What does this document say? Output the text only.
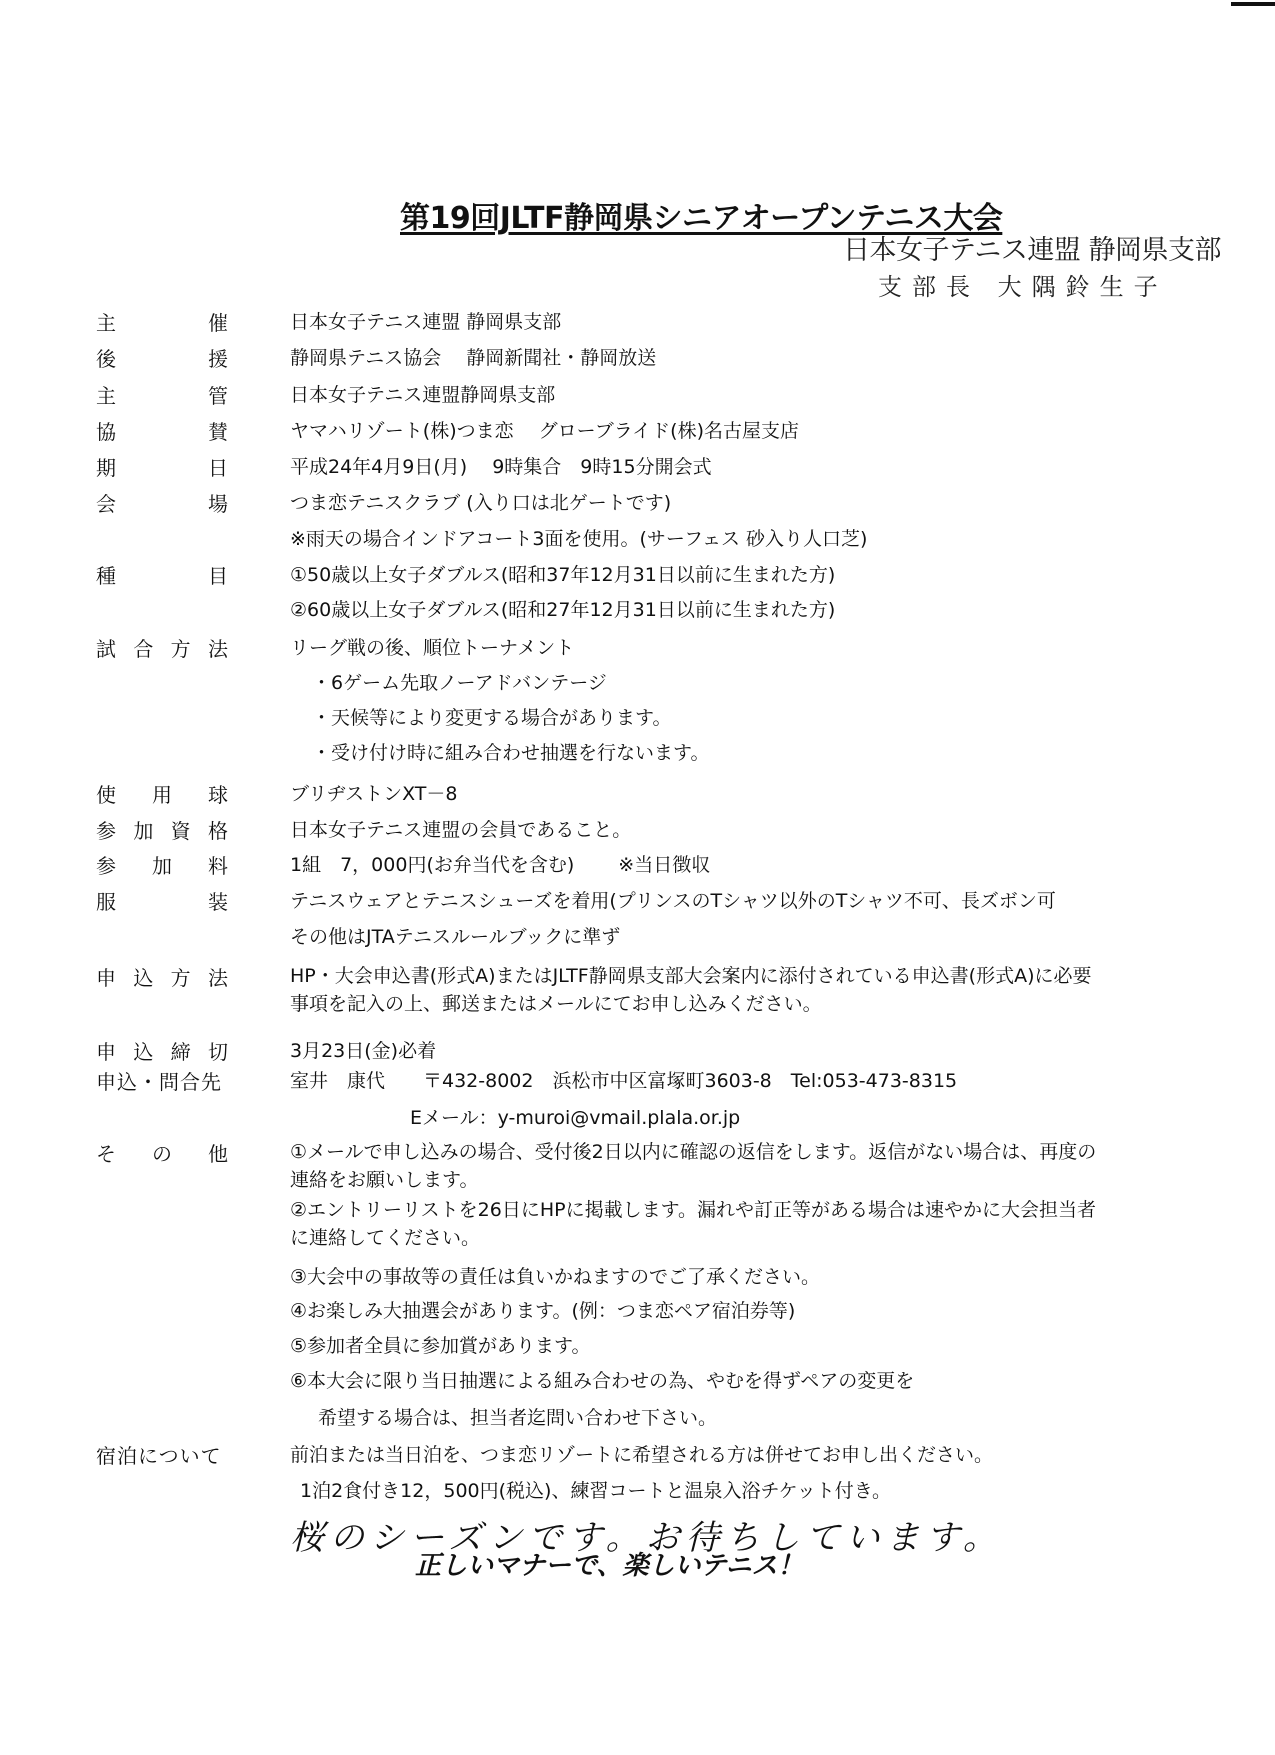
第19回JLTF静岡県シニアオープンテニス大会
日本女子テニス連盟 静岡県支部
支部長 大隅鈴生子
主	催	日本女子テニス連盟 静岡県支部
後	援	静岡県テニス協会　 静岡新聞社・静岡放送
主	管	日本女子テニス連盟静岡県支部
協	賛	ヤマハリゾート(株)つま恋　 グローブライド(株)名古屋支店
期	日	平成24年4月9日(月)　 9時集合　9時15分開会式
会	場	つま恋テニスクラブ (入り口は北ゲートです)
※雨天の場合インドアコート3面を使用。(サーフェス 砂入り人口芝)
種	目	①50歳以上女子ダブルス(昭和37年12月31日以前に生まれた方)
②60歳以上女子ダブルス(昭和27年12月31日以前に生まれた方)
試 合 方 法	リーグ戦の後、順位トーナメント
・6ゲーム先取ノーアドバンテージ
・天候等により変更する場合があります。
・受け付け時に組み合わせ抽選を行ないます。
使 用 球	ブリヂストンXT－8
参 加 資 格	日本女子テニス連盟の会員であること。
参 加 料	1組　7，000円(お弁当代を含む)　　 ※当日徴収
服	装	テニスウェアとテニスシューズを着用(プリンスのTシャツ以外のTシャツ不可、長ズボン可
その他はJTAテニスルールブックに準ず
申 込 方 法	HP・大会申込書(形式A)またはJLTF静岡県支部大会案内に添付されている申込書(形式A)に必要事項を記入の上、郵送またはメールにてお申し込みください。
申 込 締 切	3月23日(金)必着
申込・問合先	室井　康代　　〒432-8002　浜松市中区富塚町3603-8　Tel:053-473-8315
Eメール：y-muroi@vmail.plala.or.jp
そ の 他	①メールで申し込みの場合、受付後2日以内に確認の返信をします。返信がない場合は、再度の連絡をお願いします。
②エントリーリストを26日にHPに掲載します。漏れや訂正等がある場合は速やかに大会担当者に連絡してください。
③大会中の事故等の責任は負いかねますのでご了承ください。
④お楽しみ大抽選会があります。(例：つま恋ペア宿泊券等)
⑤参加者全員に参加賞があります。
⑥本大会に限り当日抽選による組み合わせの為、やむを得ずペアの変更を
希望する場合は、担当者迄問い合わせ下さい。
宿泊について	前泊または当日泊を、つま恋リゾートに希望される方は併せてお申し出ください。
1泊2食付き12，500円(税込)、練習コートと温泉入浴チケット付き。
桜のシーズンです。お待ちしています。
正しいマナーで、楽しいテニス！
